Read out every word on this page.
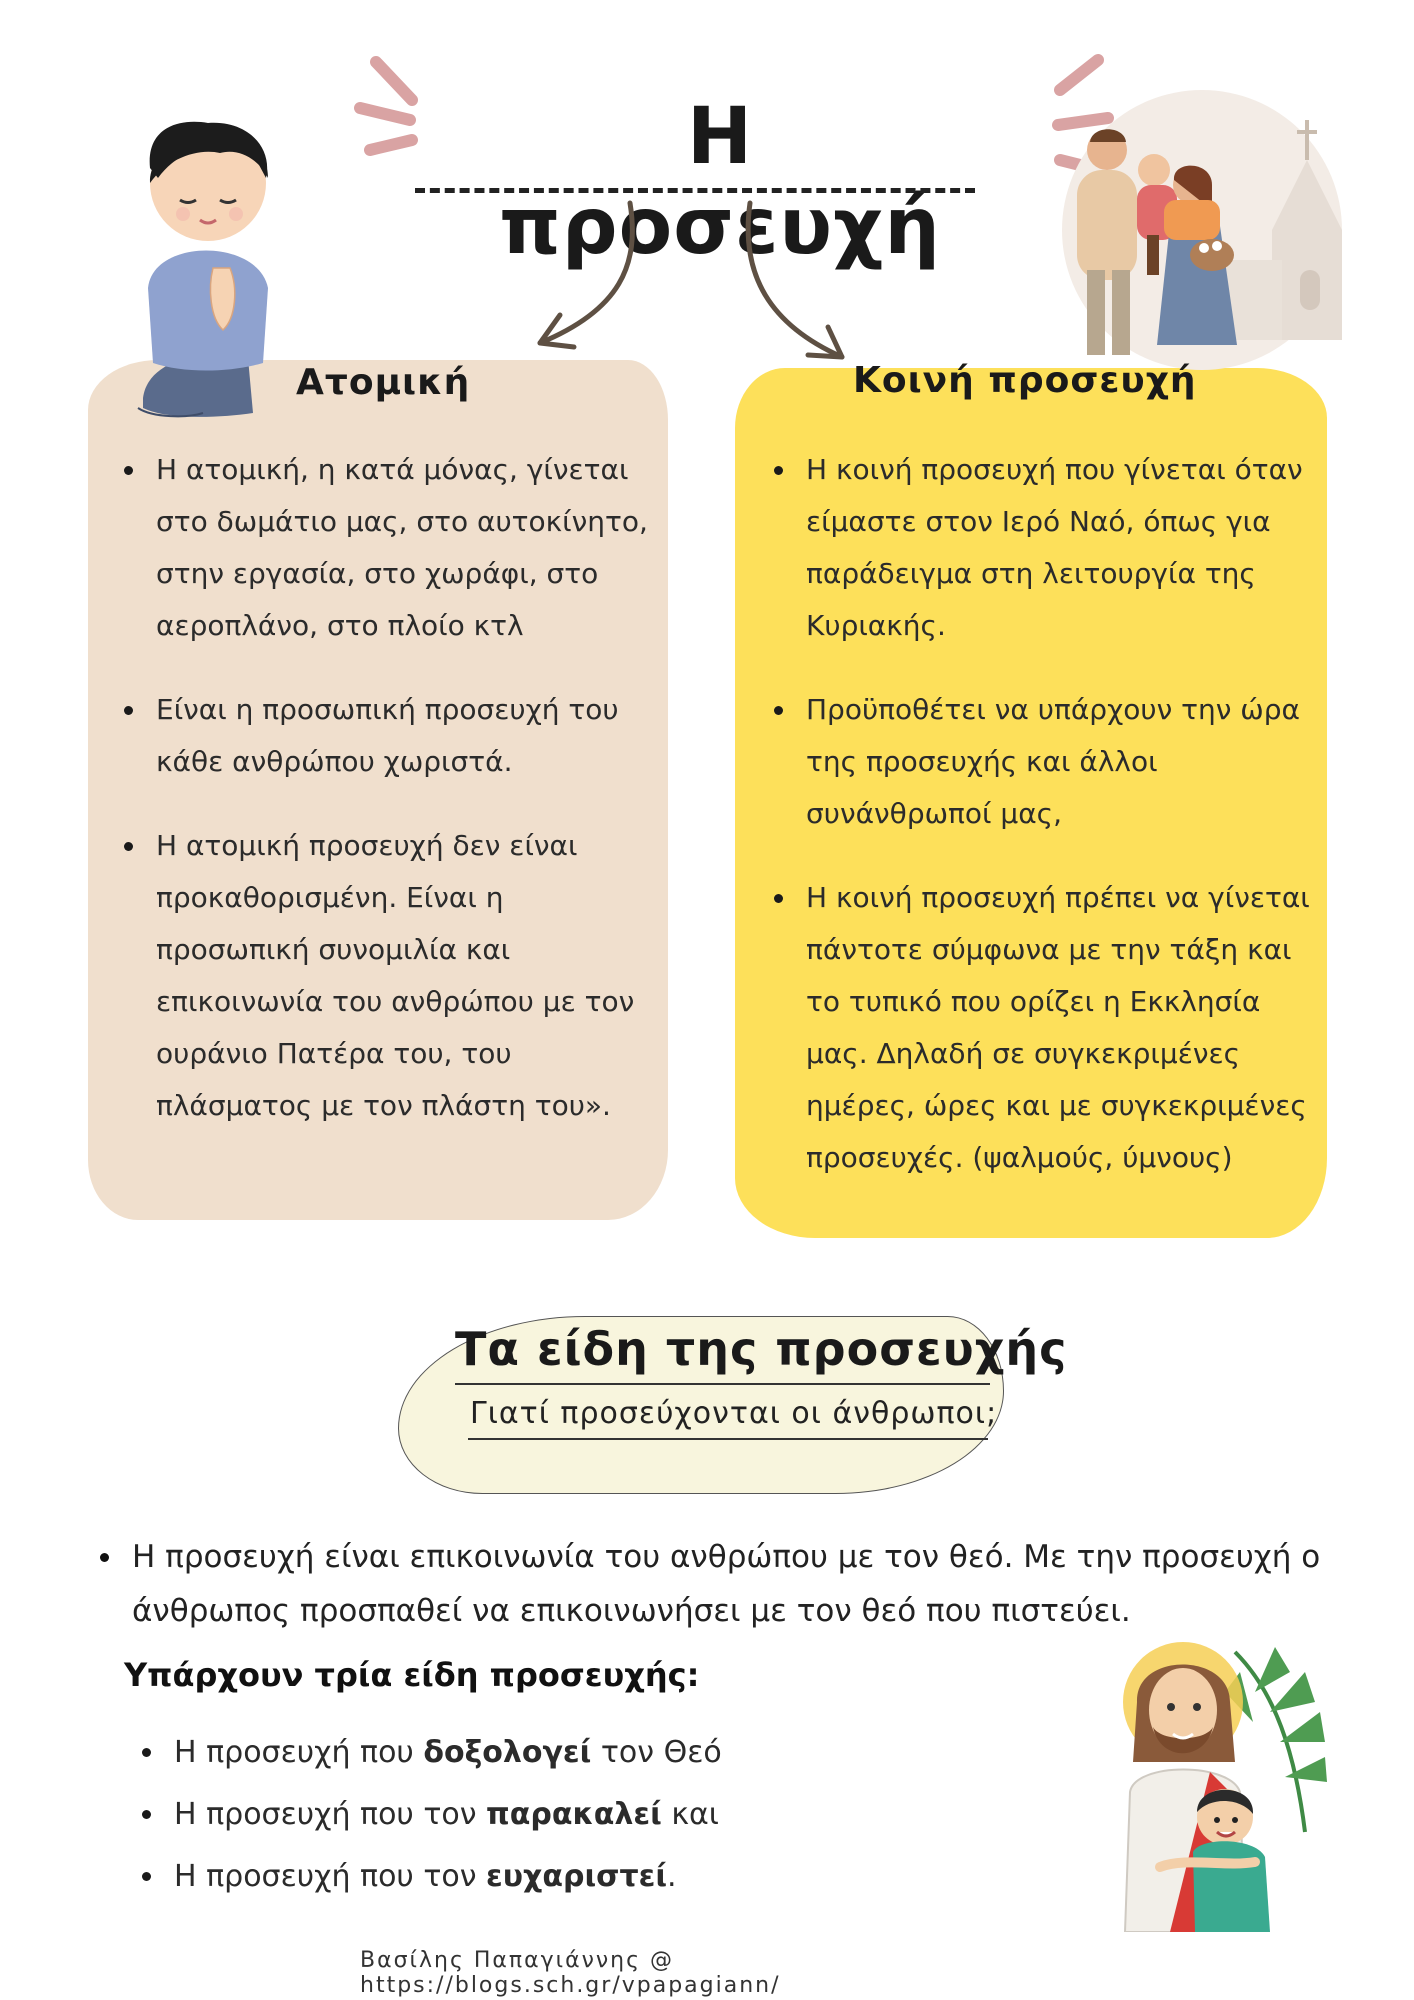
Η προσευχή
Ατομική	Κοινή προσευχή
Η ατομική, η κατά μόνας, γίνεται στο δωμάτιο μας, στο αυτοκίνητο, στην εργασία, στο χωράφι, στο αεροπλάνο, στο πλοίο κτλ
Είναι η προσωπική προσευχή του κάθε ανθρώπου χωριστά.
Η ατομική προσευχή δεν είναι προκαθορισμένη. Είναι η προσωπική συνομιλία και επικοινωνία του ανθρώπου με τον ουράνιο Πατέρα του, του πλάσματος με τον πλάστη του».
Η κοινή προσευχή που γίνεται όταν είμαστε στον Ιερό Ναό, όπως για παράδειγμα στη λειτουργία της Κυριακής.
Προϋποθέτει να υπάρχουν την ώρα της προσευχής και άλλοι συνάνθρωποί μας,
Η κοινή προσευχή πρέπει να γίνεται πάντοτε σύμφωνα με την τάξη και το τυπικό που ορίζει η Εκκλησία μας. Δηλαδή σε συγκεκριμένες ημέρες, ώρες και με συγκεκριμένες προσευχές. (ψαλμούς, ύμνους)
Τα είδη της προσευχής
Γιατί προσεύχονται οι άνθρωποι;
Η προσευχή είναι επικοινωνία του ανθρώπου με τον θεό. Με την προσευχή ο άνθρωπος προσπαθεί να επικοινωνήσει με τον θεό που πιστεύει.
Υπάρχουν τρία είδη προσευχής:
Η προσευχή που δοξολογεί τον Θεό
Η προσευχή που τον παρακαλεί και
Η προσευχή που τον ευχαριστεί.
Βασίλης Παπαγιάννης @ https://blogs.sch.gr/vpapagiann/
